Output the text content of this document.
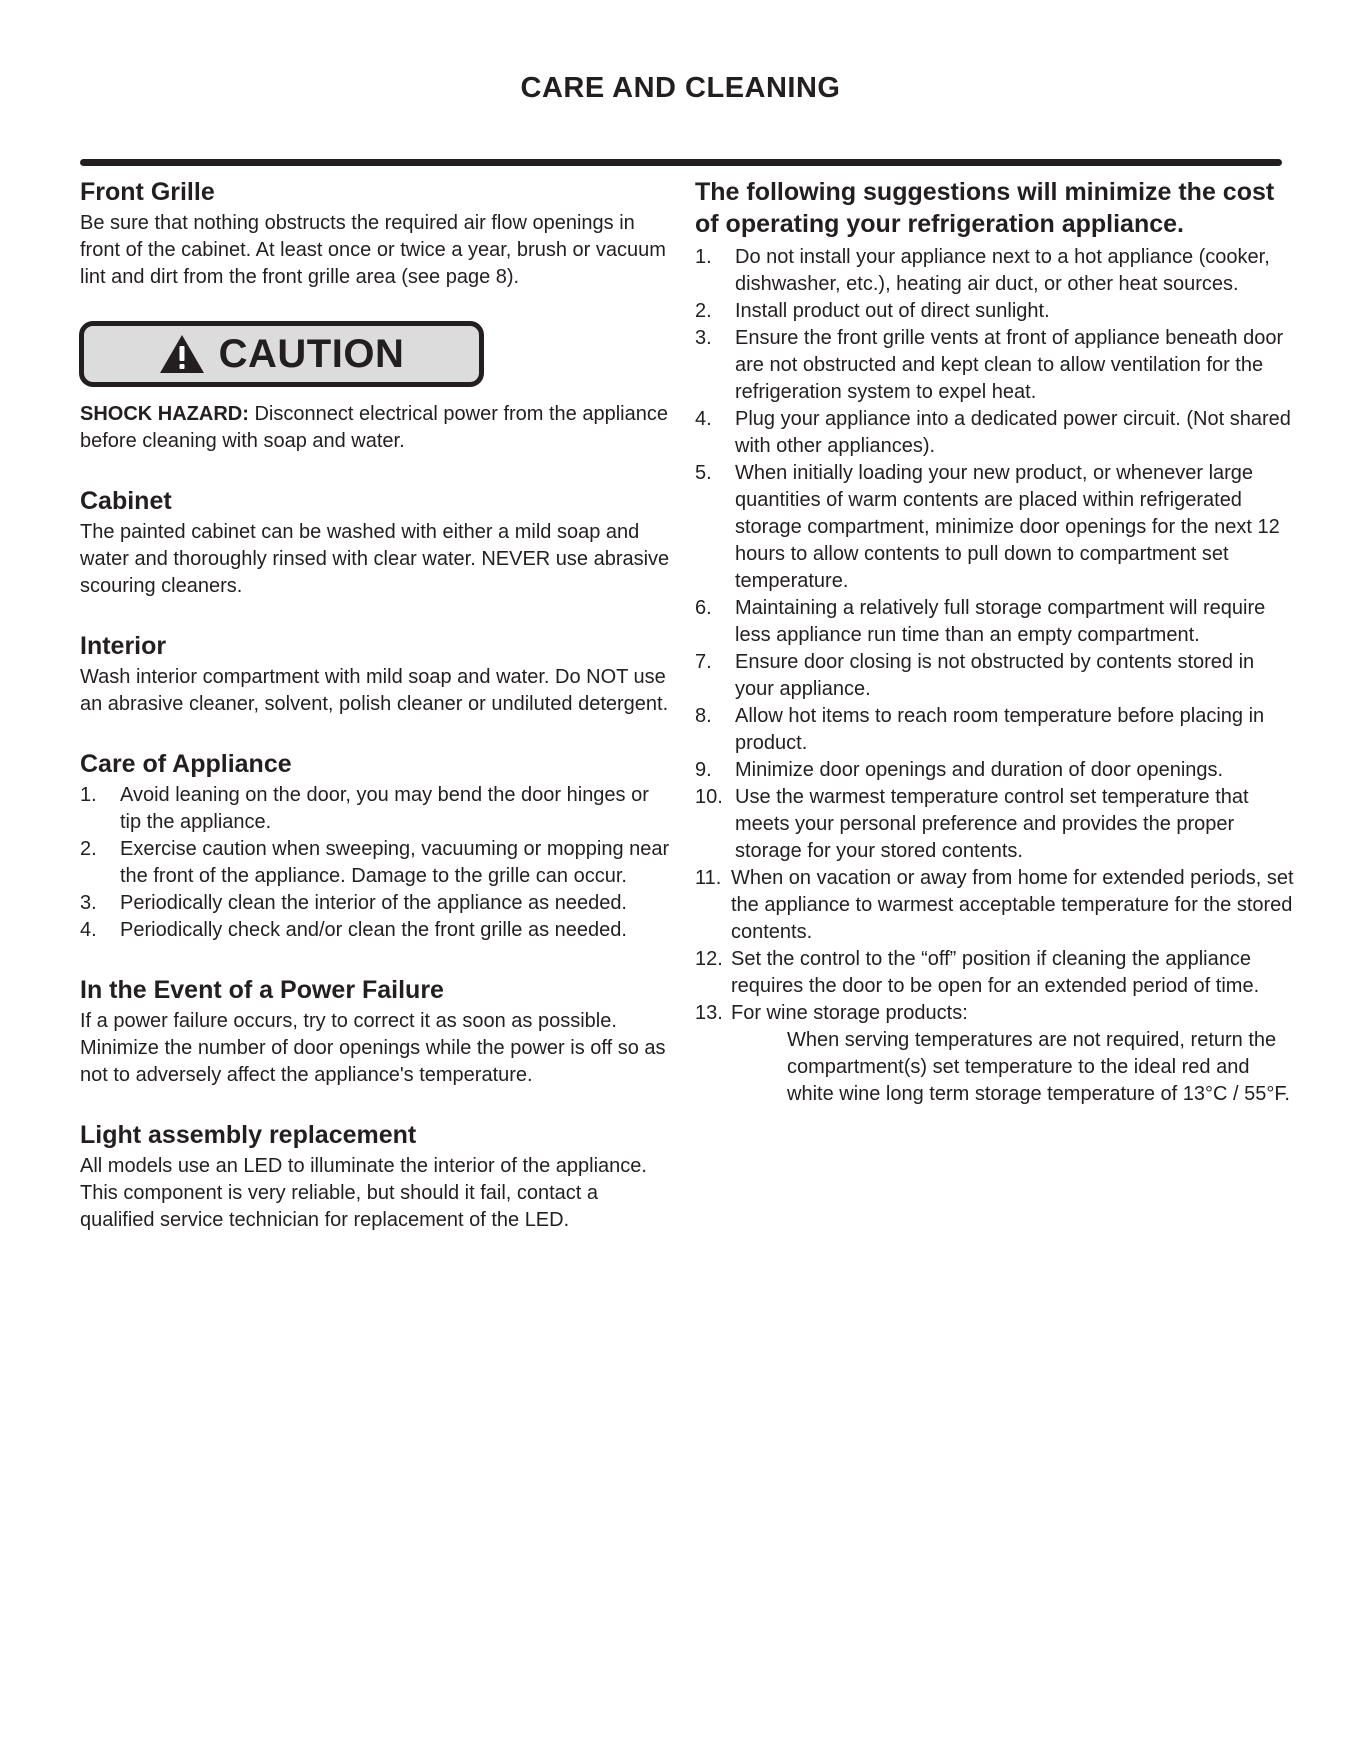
CARE AND CLEANING
Front Grille

Be sure that nothing obstructs the required air flow openings in front of the cabinet. At least once or twice a year, brush or vacuum lint and dirt from the front grille area (see page 8).

CAUTION

SHOCK HAZARD: Disconnect electrical power from the appliance before cleaning with soap and water.

Cabinet

The painted cabinet can be washed with either a mild soap and water and thoroughly rinsed with clear water. NEVER use abrasive scouring cleaners.

Interior

Wash interior compartment with mild soap and water. Do NOT use an abrasive cleaner, solvent, polish cleaner or undiluted detergent.

Care of Appliance
1.	Avoid leaning on the door, you may bend the door hinges or tip the appliance.
2.	Exercise caution when sweeping, vacuuming or mopping near the front of the appliance. Damage to the grille can occur.
3.	Periodically clean the interior of the appliance as needed.
4.	Periodically check and/or clean the front grille as needed.
In the Event of a Power Failure

If a power failure occurs, try to correct it as soon as possible. Minimize the number of door openings while the power is off so as not to adversely affect the appliance's temperature.

Light assembly replacement

All models use an LED to illuminate the interior of the appliance. This component is very reliable, but should it fail, contact a qualified service technician for replacement of the LED.

The following suggestions will minimize the cost of operating your refrigeration appliance.
1.	Do not install your appliance next to a hot appliance (cooker, dishwasher, etc.), heating air duct, or other heat sources.
2.	Install product out of direct sunlight.
3.	Ensure the front grille vents at front of appliance beneath door are not obstructed and kept clean to allow ventilation for the refrigeration system to expel heat.
4.	Plug your appliance into a dedicated power circuit. (Not shared with other appliances).
5.	When initially loading your new product, or whenever large quantities of warm contents are placed within refrigerated storage compartment, minimize door openings for the next 12 hours to allow contents to pull down to compartment set temperature.
6.	Maintaining a relatively full storage compartment will require less appliance run time than an empty compartment.
7.	Ensure door closing is not obstructed by contents stored in your appliance.
8.	Allow hot items to reach room temperature before placing in product.
9.	Minimize door openings and duration of door openings.
10. Use the warmest temperature control set temperature that meets your personal preference and provides the proper storage for your stored contents.
11. When on vacation or away from home for extended periods, set the appliance to warmest acceptable temperature for the stored contents.
12. Set the control to the “off” position if cleaning the appliance requires the door to be open for an extended period of time.
13. For wine storage products:
When serving temperatures are not required, return the compartment(s) set temperature to the ideal red and white wine long term storage temperature of 13°C / 55°F.
